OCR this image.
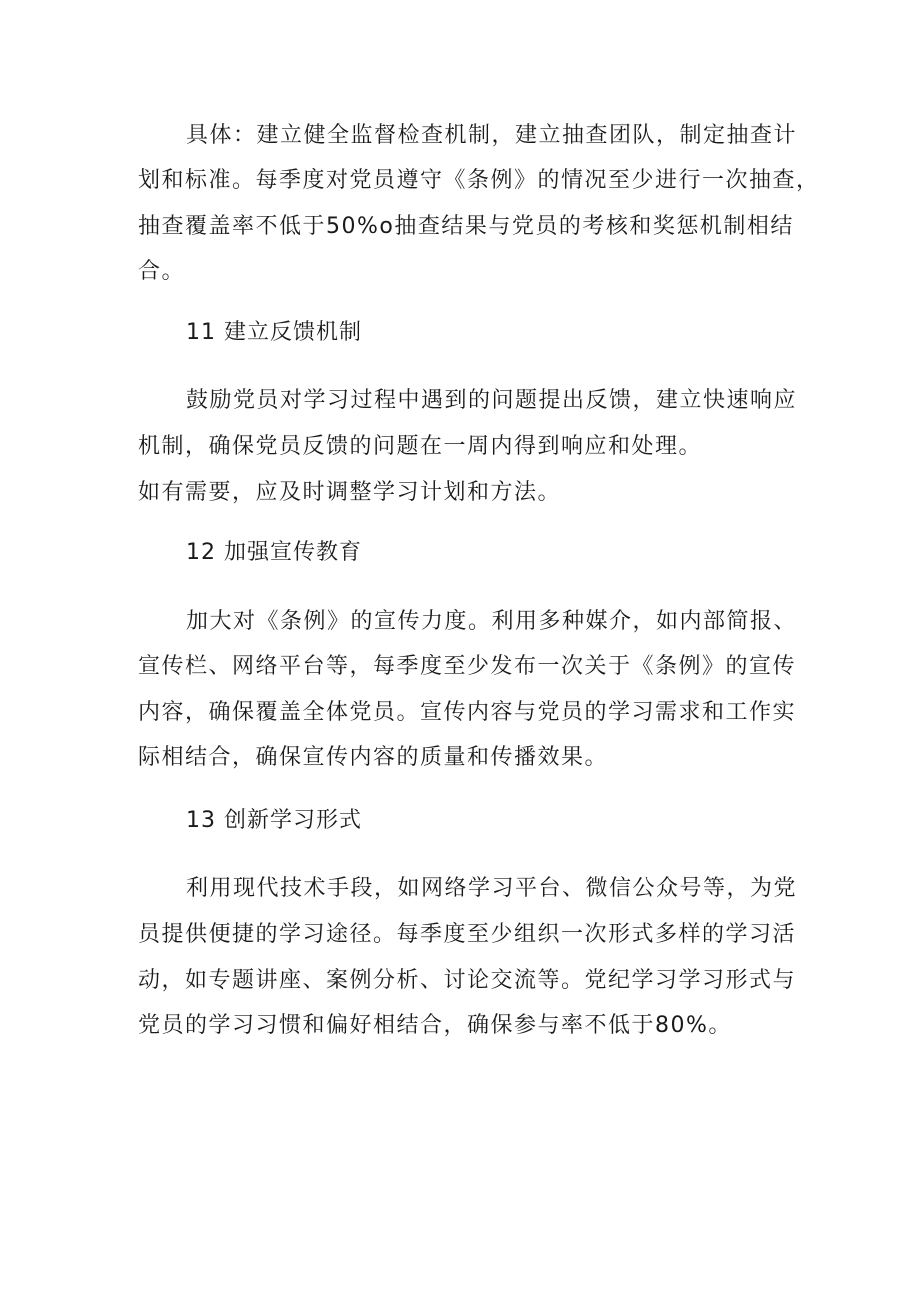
具体：建立健全监督检查机制，建立抽查团队，制定抽查计
划和标准。每季度对党员遵守《条例》的情况至少进行一次抽查，
抽查覆盖率不低于50%o抽查结果与党员的考核和奖惩机制相结
合。
11 建立反馈机制
鼓励党员对学习过程中遇到的问题提出反馈，建立快速响应
机制，确保党员反馈的问题在一周内得到响应和处理。
如有需要，应及时调整学习计划和方法。
12 加强宣传教育
加大对《条例》的宣传力度。利用多种媒介，如内部简报、
宣传栏、网络平台等，每季度至少发布一次关于《条例》的宣传
内容，确保覆盖全体党员。宣传内容与党员的学习需求和工作实
际相结合，确保宣传内容的质量和传播效果。
13 创新学习形式
利用现代技术手段，如网络学习平台、微信公众号等，为党
员提供便捷的学习途径。每季度至少组织一次形式多样的学习活
动，如专题讲座、案例分析、讨论交流等。党纪学习学习形式与
党员的学习习惯和偏好相结合，确保参与率不低于80%。
